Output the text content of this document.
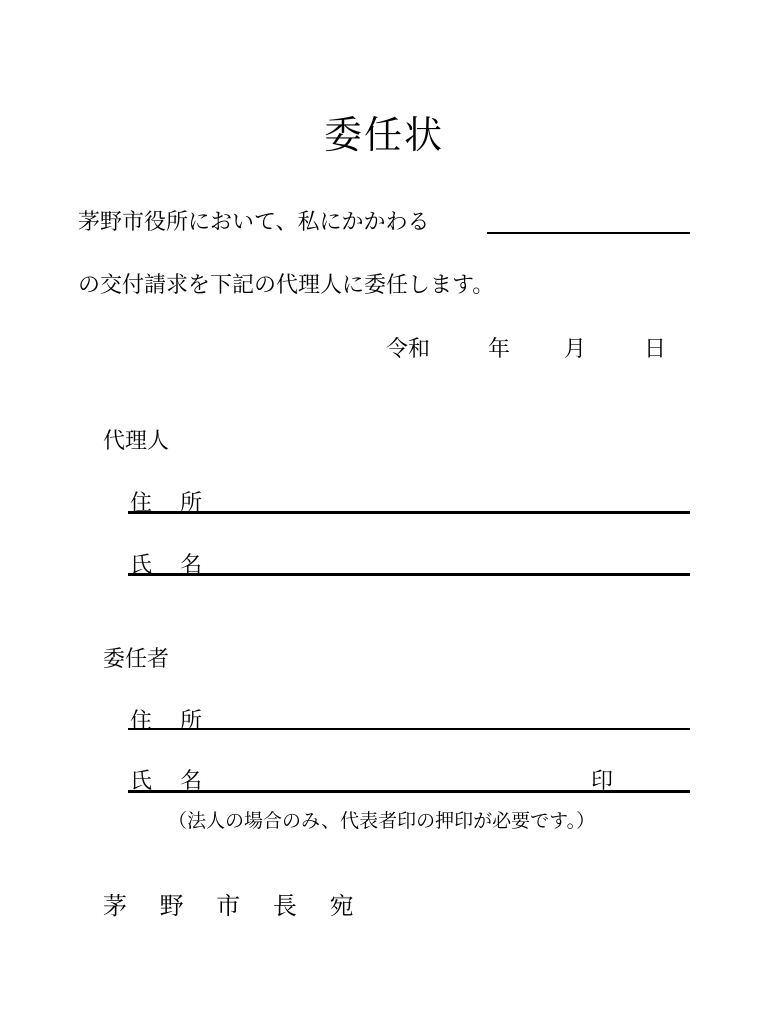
委任状
茅野市役所において、私にかかわる
の交付請求を下記の代理人に委任します。
令和	年 月	日
代理人
住 所
氏 名
委任者
住 所
氏 名	印
（法人の場合のみ、代表者印の押印が必要です。）
茅 野 市 長 宛
